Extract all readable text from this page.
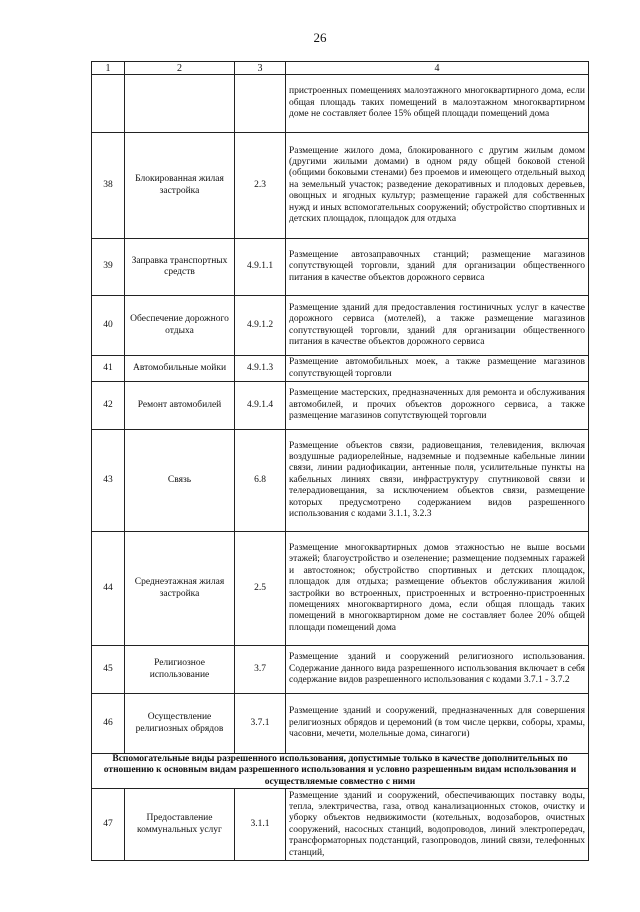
26
1	2	3	4
			пристроенных помещениях малоэтажного многоквартирного дома, если общая площадь таких помещений в малоэтажном многоквартирном доме не составляет более 15% общей площади помещений дома
38	Блокированная жилая застройка	2.3	Размещение жилого дома, блокированного с другим жилым домом (другими жилыми домами) в одном ряду общей боковой стеной (общими боковыми стенами) без проемов и имеющего отдельный выход на земельный участок; разведение декоративных и плодовых деревьев, овощных и ягодных культур; размещение гаражей для собственных нужд и иных вспомогательных сооружений; обустройство спортивных и детских площадок, площадок для отдыха
39	Заправка транспортных средств	4.9.1.1	Размещение автозаправочных станций; размещение магазинов сопутствующей торговли, зданий для организации общественного питания в качестве объектов дорожного сервиса
40	Обеспечение дорожного отдыха	4.9.1.2	Размещение зданий для предоставления гостиничных услуг в качестве дорожного сервиса (мотелей), а также размещение магазинов сопутствующей торговли, зданий для организации общественного питания в качестве объектов дорожного сервиса
41	Автомобильные мойки	4.9.1.3	Размещение автомобильных моек, а также размещение магазинов сопутствующей торговли
42	Ремонт автомобилей	4.9.1.4	Размещение мастерских, предназначенных для ремонта и обслуживания автомобилей, и прочих объектов дорожного сервиса, а также размещение магазинов сопутствующей торговли
43	Связь	6.8	Размещение объектов связи, радиовещания, телевидения, включая воздушные радиорелейные, надземные и подземные кабельные линии связи, линии радиофикации, антенные поля, усилительные пункты на кабельных линиях связи, инфраструктуру спутниковой связи и телерадиовещания, за исключением объектов связи, размещение которых предусмотрено содержанием видов разрешенного использования с кодами 3.1.1, 3.2.3
44	Среднеэтажная жилая застройка	2.5	Размещение многоквартирных домов этажностью не выше восьми этажей; благоустройство и озеленение; размещение подземных гаражей и автостоянок; обустройство спортивных и детских площадок, площадок для отдыха; размещение объектов обслуживания жилой застройки во встроенных, пристроенных и встроенно-пристроенных помещениях многоквартирного дома, если общая площадь таких помещений в многоквартирном доме не составляет более 20% общей площади помещений дома
45	Религиозное использование	3.7	Размещение зданий и сооружений религиозного использования. Содержание данного вида разрешенного использования включает в себя содержание видов разрешенного использования с кодами 3.7.1 - 3.7.2
46	Осуществление религиозных обрядов	3.7.1	Размещение зданий и сооружений, предназначенных для совершения религиозных обрядов и церемоний (в том числе церкви, соборы, храмы, часовни, мечети, молельные дома, синагоги)
Вспомогательные виды разрешенного использования, допустимые только в качестве дополнительных по отношению к основным видам разрешенного использования и условно разрешенным видам использования и осуществляемые совместно с ними			
47	Предоставление коммунальных услуг	3.1.1	Размещение зданий и сооружений, обеспечивающих поставку воды, тепла, электричества, газа, отвод канализационных стоков, очистку и уборку объектов недвижимости (котельных, водозаборов, очистных сооружений, насосных станций, водопроводов, линий электропередач, трансформаторных подстанций, газопроводов, линий связи, телефонных станций,
